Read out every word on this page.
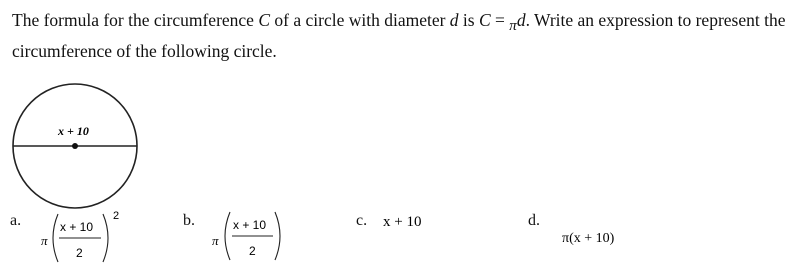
The formula for the circumference C of a circle with diameter d is C = πd. Write an expression to represent the circumference of the following circle.

x + 10
π
x + 10
2
2
π
x + 10
2
x + 10
π(x + 10)
a.	b.	c.	d.
